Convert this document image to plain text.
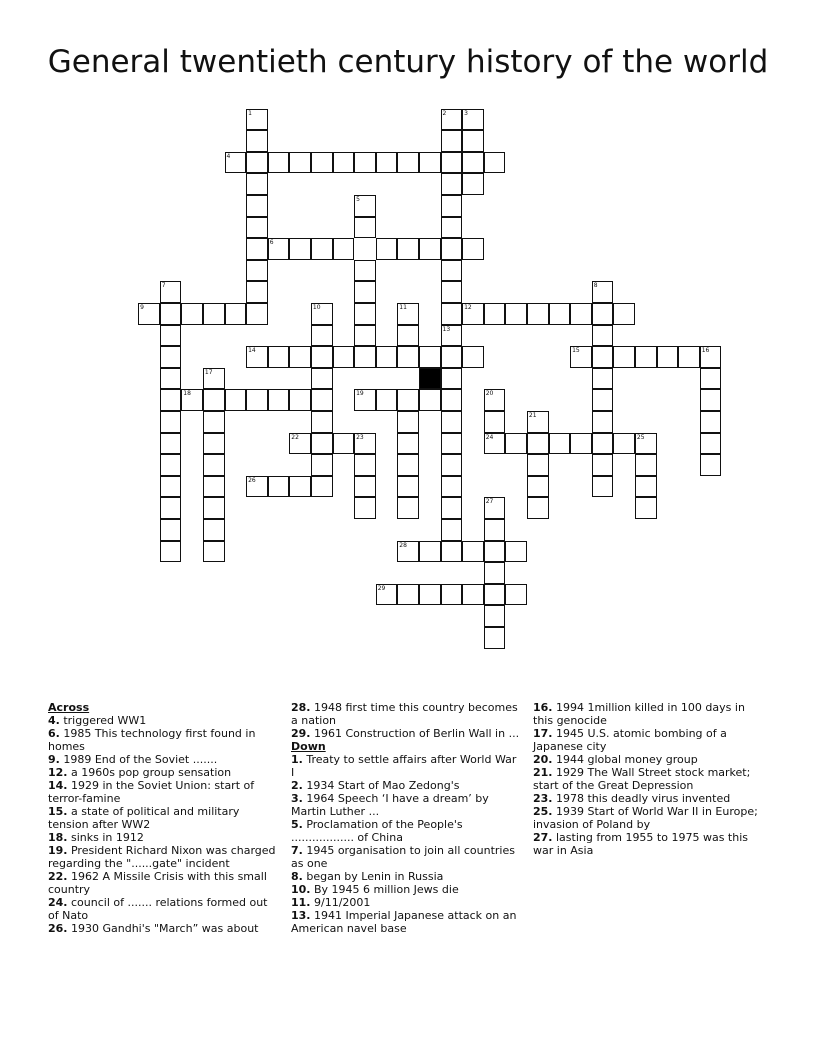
General twentieth century history of the world
1	2	3
4
5
6
7
9
8
10	11	12
13
14	15	16
17
18	19	20
21
22	23	24	25
26
27
28
29
Across
4. triggered WW1
6. 1985 This technology first found in homes
9. 1989 End of the Soviet .......
12. a 1960s pop group sensation
14. 1929 in the Soviet Union: start of terror-famine
15. a state of political and military tension after WW2
18. sinks in 1912
19. President Richard Nixon was charged regarding the "......gate" incident
22. 1962 A Missile Crisis with this small country
24. council of ....... relations formed out of Nato
26. 1930 Gandhi's "March” was about
28. 1948 first time this country becomes a nation
29. 1961 Construction of Berlin Wall in ...
Down
1. Treaty to settle affairs after World War I
2. 1934 Start of Mao Zedong's
3. 1964 Speech ‘I have a dream’ by Martin Luther ...
5. Proclamation of the People's .................. of China
7. 1945 organisation to join all countries as one
8. began by Lenin in Russia
10. By 1945 6 million Jews die
11. 9/11/2001
13. 1941 Imperial Japanese attack on an American navel base
16. 1994 1million killed in 100 days in this genocide
17. 1945 U.S. atomic bombing of a Japanese city
20. 1944 global money group
21. 1929 The Wall Street stock market; start of the Great Depression
23. 1978 this deadly virus invented
25. 1939 Start of World War II in Europe; invasion of Poland by
27. lasting from 1955 to 1975 was this war in Asia
